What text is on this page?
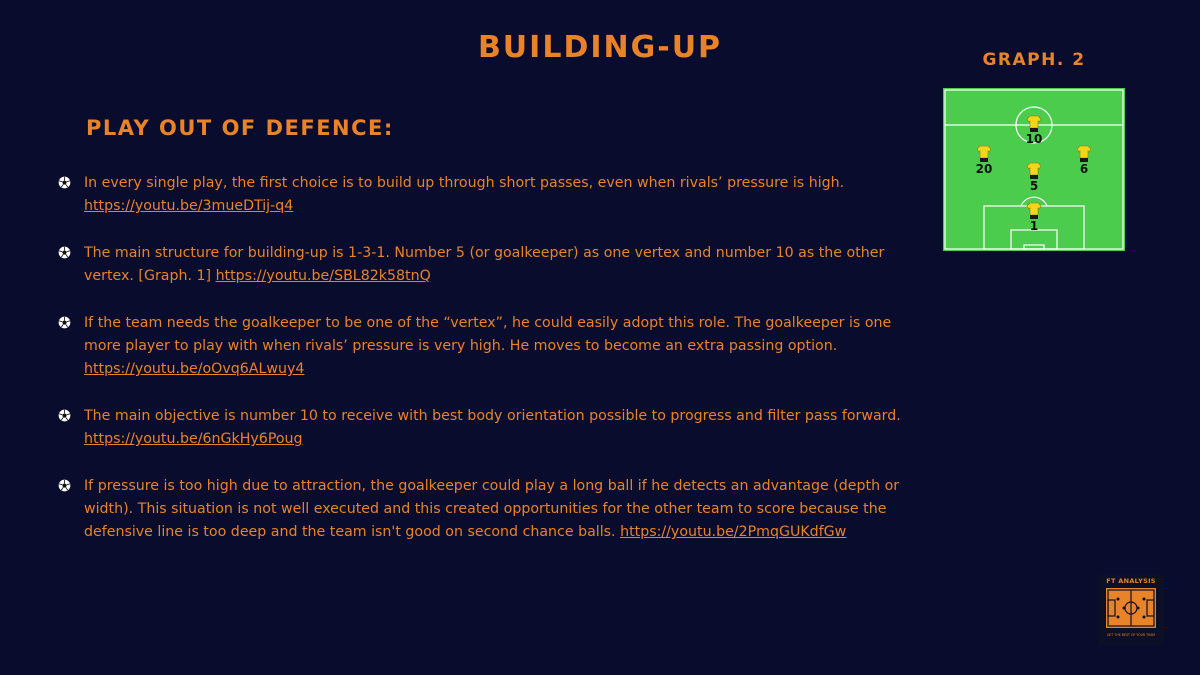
BUILDING-UP	GRAPH. 2
10
20	6
5
1
PLAY OUT OF DEFENCE:
In every single play, the first choice is to build up through short passes, even when rivals’ pressure is high. https://youtu.be/3mueDTij-q4
The main structure for building-up is 1-3-1. Number 5 (or goalkeeper) as one vertex and number 10 as the other vertex. [Graph. 1] https://youtu.be/SBL82k58tnQ
If the team needs the goalkeeper to be one of the “vertex”, he could easily adopt this role. The goalkeeper is one more player to play with when rivals’ pressure is very high. He moves to become an extra passing option. https://youtu.be/oOvq6ALwuy4
The main objective is number 10 to receive with best body orientation possible to progress and filter pass forward. https://youtu.be/6nGkHy6Poug
If pressure is too high due to attraction, the goalkeeper could play a long ball if he detects an advantage (depth or width). This situation is not well executed and this created opportunities for the other team to score because the defensive line is too deep and the team isn't good on second chance balls. https://youtu.be/2PmqGUKdfGw
FT ANALYSIS
GET THE BEST OF YOUR TEAM
